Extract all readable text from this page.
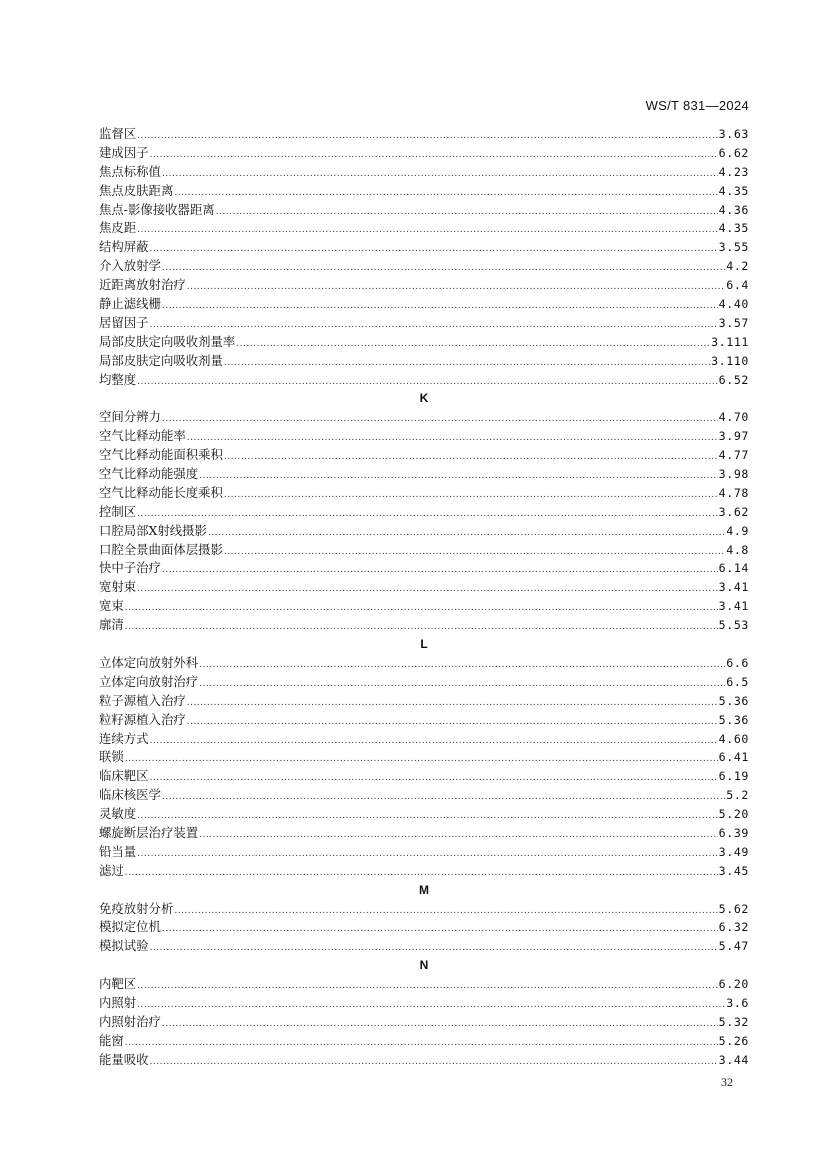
WS/T 831—2024
监督区 .....	3.63
建成因子 .....	6.62
焦点标称值 .....	4.23
焦点皮肤距离 .....	4.35
焦点-影像接收器距离 .....	4.36
焦皮距 .....	4.35
结构屏蔽 .....	3.55
介入放射学 .....	4.2
近距离放射治疗 .....	6.4
静止滤线栅 .....	4.40
居留因子 .....	3.57
局部皮肤定向吸收剂量率 .....	3.111
局部皮肤定向吸收剂量 .....	3.110
均整度 .....	6.52
K
空间分辨力 .....	4.70
空气比释动能率 .....	3.97
空气比释动能面积乘积 .....	4.77
空气比释动能强度 .....	3.98
空气比释动能长度乘积 .....	4.78
控制区 .....	3.62
口腔局部X射线摄影 .....	4.9
口腔全景曲面体层摄影 .....	4.8
快中子治疗 .....	6.14
宽射束 .....	3.41
宽束 .....	3.41
廓清 .....	5.53
L
立体定向放射外科 .....	6.6
立体定向放射治疗 .....	6.5
粒子源植入治疗 .....	5.36
粒籽源植入治疗 .....	5.36
连续方式 .....	4.60
联锁 .....	6.41
临床靶区 .....	6.19
临床核医学 .....	5.2
灵敏度 .....	5.20
螺旋断层治疗装置 .....	6.39
铅当量 .....	3.49
滤过 .....	3.45
M
免疫放射分析 .....	5.62
模拟定位机 .....	6.32
模拟试验 .....	5.47
N
内靶区 .....	6.20
内照射 .....	3.6
内照射治疗 .....	5.32
能窗 .....	5.26
能量吸收 .....	3.44
32
